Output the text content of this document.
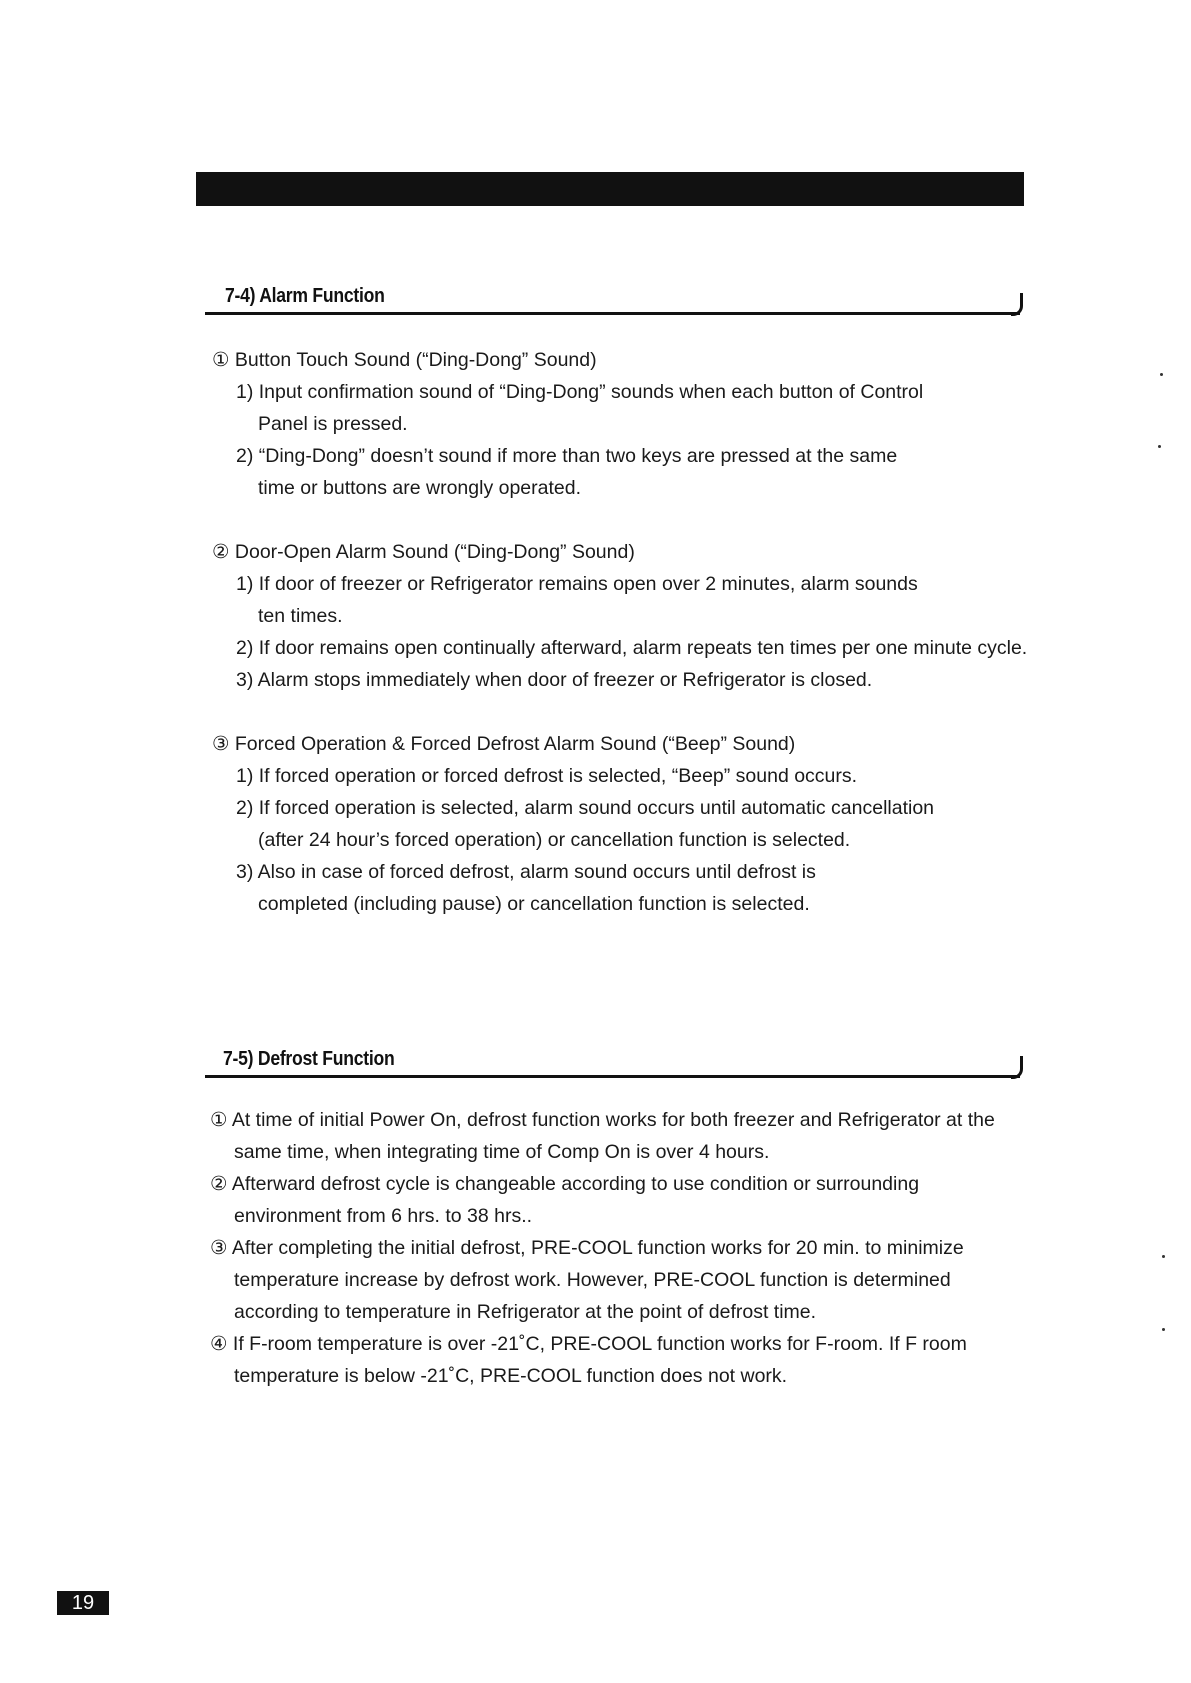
7-4) Alarm Function
① Button Touch Sound (“Ding-Dong” Sound)
1) Input confirmation sound of “Ding-Dong” sounds when each button of Control Panel is pressed.
2) “Ding-Dong” doesn’t sound if more than two keys are pressed at the same time or buttons are wrongly operated.
② Door-Open Alarm Sound (“Ding-Dong” Sound)
1) If door of freezer or Refrigerator remains open over 2 minutes, alarm sounds ten times.
2) If door remains open continually afterward, alarm repeats ten times per one minute cycle.
3) Alarm stops immediately when door of freezer or Refrigerator is closed.
③ Forced Operation & Forced Defrost Alarm Sound (“Beep” Sound)
1) If forced operation or forced defrost is selected, “Beep” sound occurs.
2) If forced operation is selected, alarm sound occurs until automatic cancellation (after 24 hour’s forced operation) or cancellation function is selected.
3) Also in case of forced defrost, alarm sound occurs until defrost is completed (including pause) or cancellation function is selected.
7-5) Defrost Function
① At time of initial Power On, defrost function works for both freezer and Refrigerator at the same time, when integrating time of Comp On is over 4 hours.
② Afterward defrost cycle is changeable according to use condition or surrounding environment from 6 hrs. to 38 hrs..
③ After completing the initial defrost, PRE-COOL function works for 20 min. to minimize temperature increase by defrost work. However, PRE-COOL function is determined according to temperature in Refrigerator at the point of defrost time.
④ If F-room temperature is over -21˚C, PRE-COOL function works for F-room. If F room temperature is below -21˚C, PRE-COOL function does not work.
19
